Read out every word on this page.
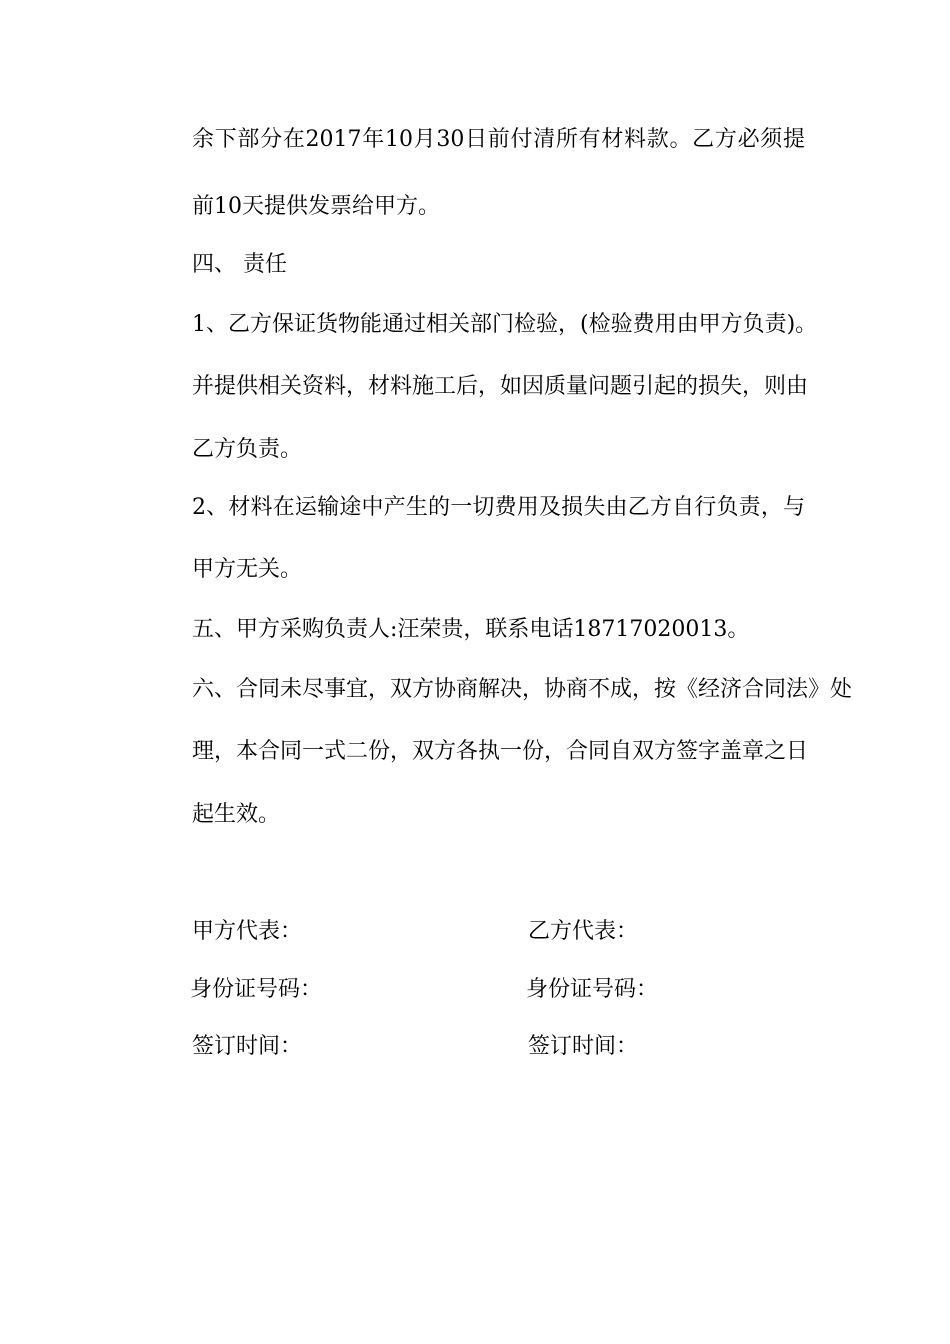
余下部分在2017年10月30日前付清所有材料款。乙方必须提
前10天提供发票给甲方。
四、 责任
1、乙方保证货物能通过相关部门检验，(检验费用由甲方负责)。
并提供相关资料，材料施工后，如因质量问题引起的损失，则由
乙方负责。
2、材料在运输途中产生的一切费用及损失由乙方自行负责，与
甲方无关。
五、甲方采购负责人:汪荣贵，联系电话18717020013。
六、合同未尽事宜，双方协商解决，协商不成，按《经济合同法》处
理，本合同一式二份，双方各执一份，合同自双方签字盖章之日
起生效。
甲方代表：
身份证号码：
签订时间：
乙方代表：
身份证号码：
签订时间：
